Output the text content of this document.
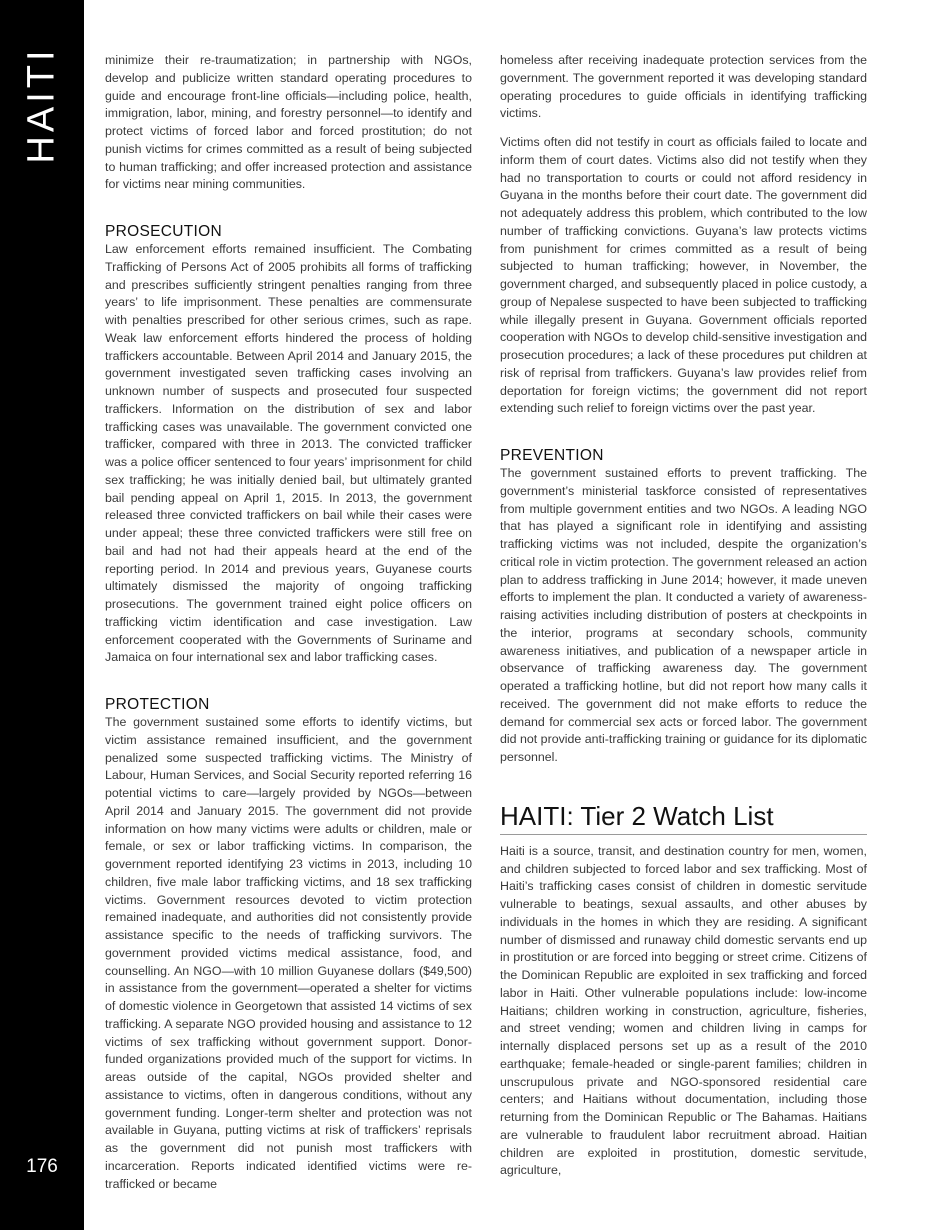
HAITI
176

minimize their re-traumatization; in partnership with NGOs, develop and publicize written standard operating procedures to guide and encourage front-line officials—including police, health, immigration, labor, mining, and forestry personnel—to identify and protect victims of forced labor and forced prostitution; do not punish victims for crimes committed as a result of being subjected to human trafficking; and offer increased protection and assistance for victims near mining communities.

PROSECUTION

Law enforcement efforts remained insufficient. The Combating Trafficking of Persons Act of 2005 prohibits all forms of trafficking and prescribes sufficiently stringent penalties ranging from three years’ to life imprisonment. These penalties are commensurate with penalties prescribed for other serious crimes, such as rape. Weak law enforcement efforts hindered the process of holding traffickers accountable. Between April 2014 and January 2015, the government investigated seven trafficking cases involving an unknown number of suspects and prosecuted four suspected traffickers. Information on the distribution of sex and labor trafficking cases was unavailable. The government convicted one trafficker, compared with three in 2013. The convicted trafficker was a police officer sentenced to four years’ imprisonment for child sex trafficking; he was initially denied bail, but ultimately granted bail pending appeal on April 1, 2015. In 2013, the government released three convicted traffickers on bail while their cases were under appeal; these three convicted traffickers were still free on bail and had not had their appeals heard at the end of the reporting period. In 2014 and previous years, Guyanese courts ultimately dismissed the majority of ongoing trafficking prosecutions. The government trained eight police officers on trafficking victim identification and case investigation. Law enforcement cooperated with the Governments of Suriname and Jamaica on four international sex and labor trafficking cases.

PROTECTION

The government sustained some efforts to identify victims, but victim assistance remained insufficient, and the government penalized some suspected trafficking victims. The Ministry of Labour, Human Services, and Social Security reported referring 16 potential victims to care—largely provided by NGOs—between April 2014 and January 2015. The government did not provide information on how many victims were adults or children, male or female, or sex or labor trafficking victims. In comparison, the government reported identifying 23 victims in 2013, including 10 children, five male labor trafficking victims, and 18 sex trafficking victims. Government resources devoted to victim protection remained inadequate, and authorities did not consistently provide assistance specific to the needs of trafficking survivors. The government provided victims medical assistance, food, and counselling. An NGO—with 10 million Guyanese dollars ($49,500) in assistance from the government—operated a shelter for victims of domestic violence in Georgetown that assisted 14 victims of sex trafficking. A separate NGO provided housing and assistance to 12 victims of sex trafficking without government support. Donor-funded organizations provided much of the support for victims. In areas outside of the capital, NGOs provided shelter and assistance to victims, often in dangerous conditions, without any government funding. Longer-term shelter and protection was not available in Guyana, putting victims at risk of traffickers’ reprisals as the government did not punish most traffickers with incarceration. Reports indicated identified victims were re-trafficked or became

homeless after receiving inadequate protection services from the government. The government reported it was developing standard operating procedures to guide officials in identifying trafficking victims.

Victims often did not testify in court as officials failed to locate and inform them of court dates. Victims also did not testify when they had no transportation to courts or could not afford residency in Guyana in the months before their court date. The government did not adequately address this problem, which contributed to the low number of trafficking convictions. Guyana’s law protects victims from punishment for crimes committed as a result of being subjected to human trafficking; however, in November, the government charged, and subsequently placed in police custody, a group of Nepalese suspected to have been subjected to trafficking while illegally present in Guyana. Government officials reported cooperation with NGOs to develop child-sensitive investigation and prosecution procedures; a lack of these procedures put children at risk of reprisal from traffickers. Guyana’s law provides relief from deportation for foreign victims; the government did not report extending such relief to foreign victims over the past year.

PREVENTION

The government sustained efforts to prevent trafficking. The government’s ministerial taskforce consisted of representatives from multiple government entities and two NGOs. A leading NGO that has played a significant role in identifying and assisting trafficking victims was not included, despite the organization’s critical role in victim protection. The government released an action plan to address trafficking in June 2014; however, it made uneven efforts to implement the plan. It conducted a variety of awareness-raising activities including distribution of posters at checkpoints in the interior, programs at secondary schools, community awareness initiatives, and publication of a newspaper article in observance of trafficking awareness day. The government operated a trafficking hotline, but did not report how many calls it received. The government did not make efforts to reduce the demand for commercial sex acts or forced labor. The government did not provide anti-trafficking training or guidance for its diplomatic personnel.

HAITI: Tier 2 Watch List

Haiti is a source, transit, and destination country for men, women, and children subjected to forced labor and sex trafficking. Most of Haiti’s trafficking cases consist of children in domestic servitude vulnerable to beatings, sexual assaults, and other abuses by individuals in the homes in which they are residing. A significant number of dismissed and runaway child domestic servants end up in prostitution or are forced into begging or street crime. Citizens of the Dominican Republic are exploited in sex trafficking and forced labor in Haiti. Other vulnerable populations include: low-income Haitians; children working in construction, agriculture, fisheries, and street vending; women and children living in camps for internally displaced persons set up as a result of the 2010 earthquake; female-headed or single-parent families; children in unscrupulous private and NGO-sponsored residential care centers; and Haitians without documentation, including those returning from the Dominican Republic or The Bahamas. Haitians are vulnerable to fraudulent labor recruitment abroad. Haitian children are exploited in prostitution, domestic servitude, agriculture,
